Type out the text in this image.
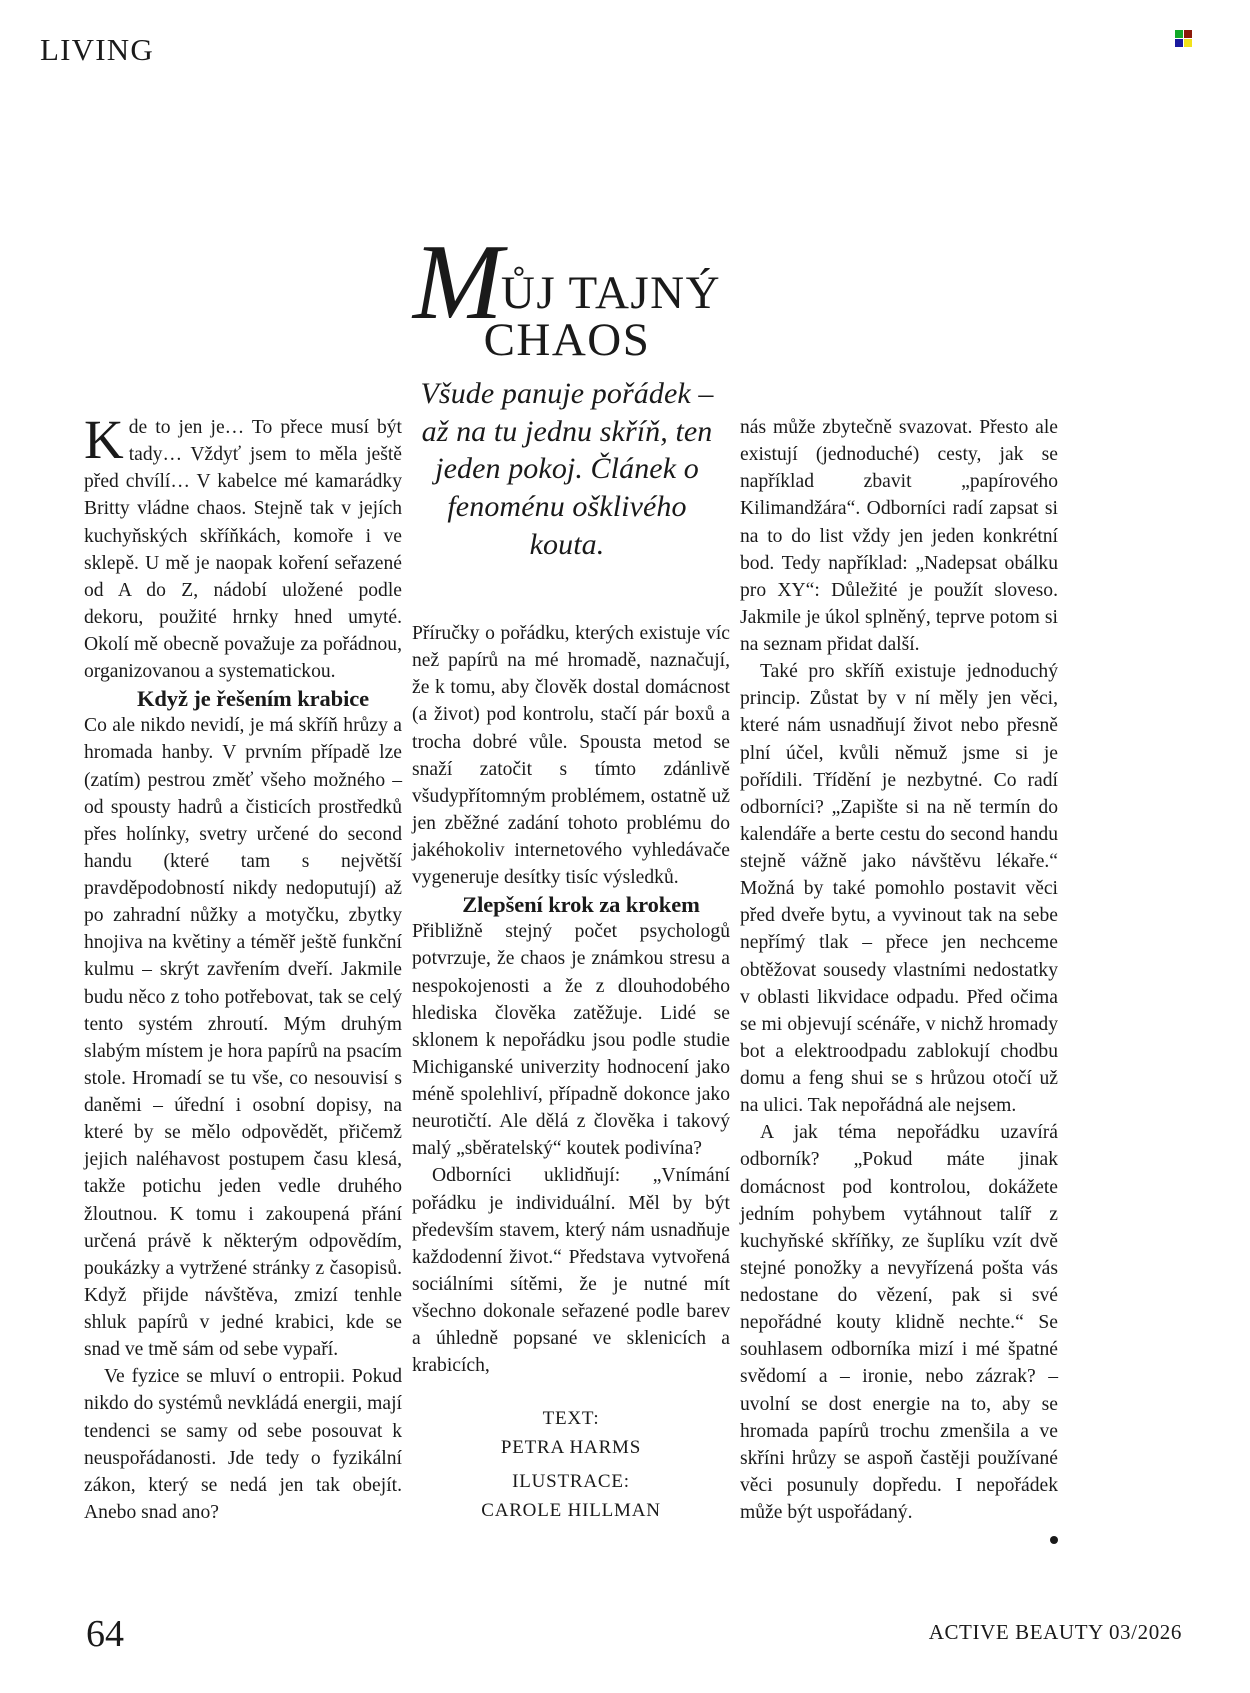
LIVING
MŮJ TAJNÝ
CHAOS

Všude panuje pořádek – až na tu jednu skříň, ten jeden pokoj. Článek o fenoménu ošklivého kouta.

Kde to jen je… To přece musí být tady… Vždyť jsem to měla ještě před chvílí… V kabelce mé kamarádky Britty vládne chaos. Stejně tak v jejích kuchyňských skříňkách, komoře i ve sklepě. U mě je naopak koření seřazené od A do Z, nádobí uložené podle dekoru, použité hrnky hned umyté. Okolí mě obecně považuje za pořádnou, organizovanou a systematickou.

Když je řešením krabice

Co ale nikdo nevidí, je má skříň hrůzy a hromada hanby. V prvním případě lze (zatím) pestrou změť všeho možného – od spousty hadrů a čisticích prostředků přes holínky, svetry určené do second handu (které tam s největší pravděpodobností nikdy nedoputují) až po zahradní nůžky a motyčku, zbytky hnojiva na květiny a téměř ještě funkční kulmu – skrýt zavřením dveří. Jakmile budu něco z toho potřebovat, tak se celý tento systém zhroutí. Mým druhým slabým místem je hora papírů na psacím stole. Hromadí se tu vše, co nesouvisí s daněmi – úřední i osobní dopisy, na které by se mělo odpovědět, přičemž jejich naléhavost postupem času klesá, takže potichu jeden vedle druhého žloutnou. K tomu i zakoupená přání určená právě k některým odpovědím, poukázky a vytržené stránky z časopisů. Když přijde návštěva, zmizí tenhle shluk papírů v jedné krabici, kde se snad ve tmě sám od sebe vypaří.

Ve fyzice se mluví o entropii. Pokud nikdo do systémů nevkládá energii, mají tendenci se samy od sebe posouvat k neuspořádanosti. Jde tedy o fyzikální zákon, který se nedá jen tak obejít. Anebo snad ano?

Příručky o pořádku, kterých existuje víc než papírů na mé hromadě, naznačují, že k tomu, aby člověk dostal domácnost (a život) pod kontrolu, stačí pár boxů a trocha dobré vůle. Spousta metod se snaží zatočit s tímto zdánlivě všudypřítomným problémem, ostatně už jen zběžné zadání tohoto problému do jakéhokoliv internetového vyhledávače vygeneruje desítky tisíc výsledků.

Zlepšení krok za krokem

Přibližně stejný počet psychologů potvrzuje, že chaos je známkou stresu a nespokojenosti a že z dlouhodobého hlediska člověka zatěžuje. Lidé se sklonem k nepořádku jsou podle studie Michiganské univerzity hodnocení jako méně spolehliví, případně dokonce jako neurotičtí. Ale dělá z člověka i takový malý „sběratelský“ koutek podivína?

Odborníci uklidňují: „Vnímání pořádku je individuální. Měl by být především stavem, který nám usnadňuje každodenní život.“ Představa vytvořená sociálními sítěmi, že je nutné mít všechno dokonale seřazené podle barev a úhledně popsané ve sklenicích a krabicích,

TEXT:
PETRA HARMS
ILUSTRACE:
CAROLE HILLMAN

nás může zbytečně svazovat. Přesto ale existují (jednoduché) cesty, jak se například zbavit „papírového Kilimandžára“. Odborníci radí zapsat si na to do list vždy jen jeden konkrétní bod. Tedy například: „Nadepsat obálku pro XY“: Důležité je použít sloveso. Jakmile je úkol splněný, teprve potom si na seznam přidat další.

Také pro skříň existuje jednoduchý princip. Zůstat by v ní měly jen věci, které nám usnadňují život nebo přesně plní účel, kvůli němuž jsme si je pořídili. Třídění je nezbytné. Co radí odborníci? „Zapište si na ně termín do kalendáře a berte cestu do second handu stejně vážně jako návštěvu lékaře.“ Možná by také pomohlo postavit věci před dveře bytu, a vyvinout tak na sebe nepřímý tlak – přece jen nechceme obtěžovat sousedy vlastními nedostatky v oblasti likvidace odpadu. Před očima se mi objevují scénáře, v nichž hromady bot a elektroodpadu zablokují chodbu domu a feng shui se s hrůzou otočí už na ulici. Tak nepořádná ale nejsem.

A jak téma nepořádku uzavírá odborník? „Pokud máte jinak domácnost pod kontrolou, dokážete jedním pohybem vytáhnout talíř z kuchyňské skříňky, ze šuplíku vzít dvě stejné ponožky a nevyřízená pošta vás nedostane do vězení, pak si své nepořádné kouty klidně nechte.“ Se souhlasem odborníka mizí i mé špatné svědomí a – ironie, nebo zázrak? – uvolní se dost energie na to, aby se hromada papírů trochu zmenšila a ve skříni hrůzy se aspoň častěji používané věci posunuly dopředu. I nepořádek může být uspořádaný.

64	ACTIVE BEAUTY 03/2026
